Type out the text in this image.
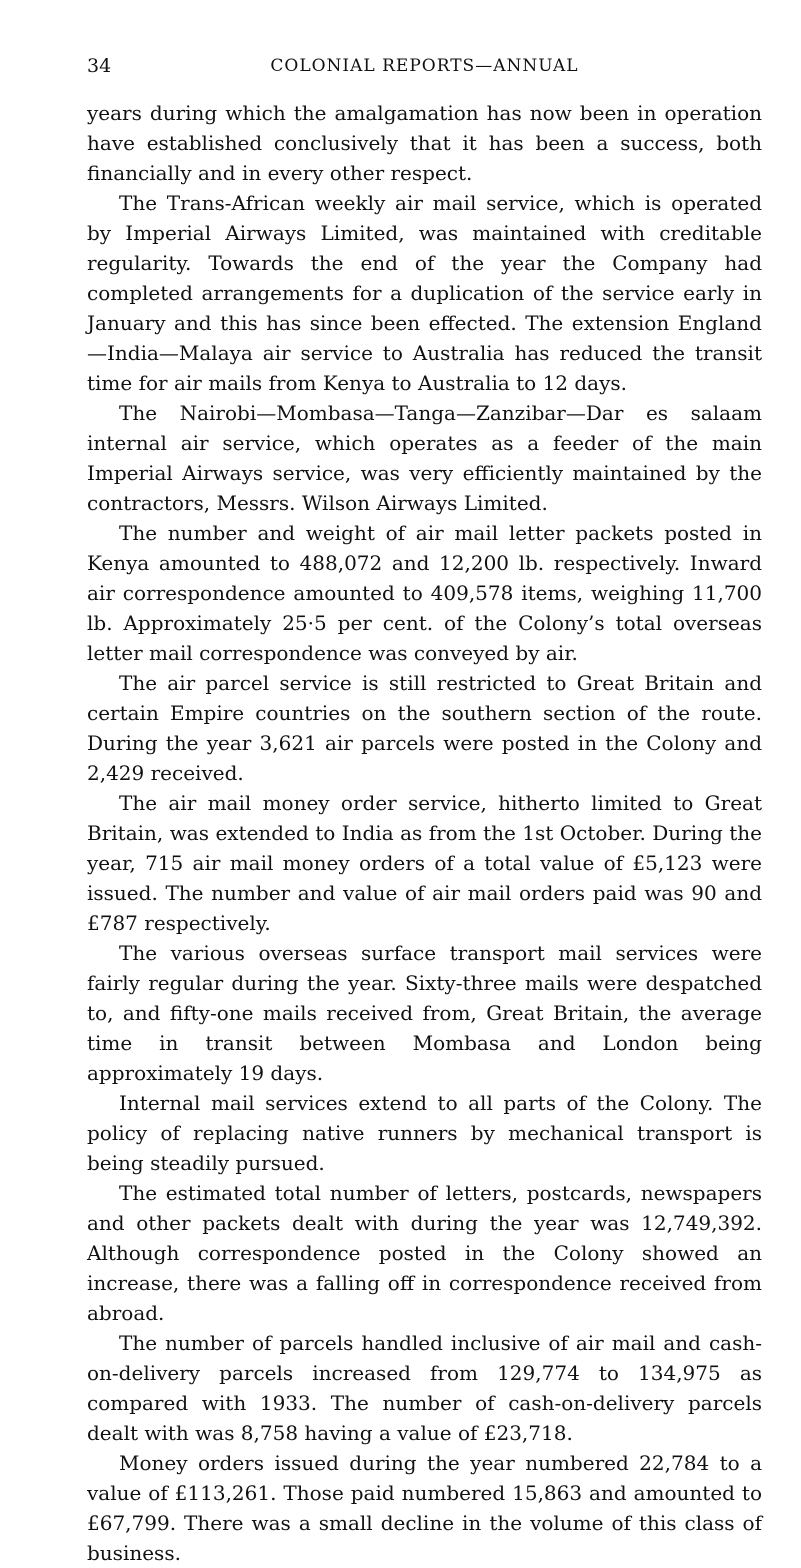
34	COLONIAL REPORTS—ANNUAL

years during which the amalgamation has now been in operation have established conclusively that it has been a success, both financially and in every other respect.

The Trans-African weekly air mail service, which is operated by Imperial Airways Limited, was maintained with creditable regularity. Towards the end of the year the Company had completed arrangements for a duplication of the service early in January and this has since been effected. The extension England—India—Malaya air service to Australia has reduced the transit time for air mails from Kenya to Australia to 12 days.

The Nairobi—Mombasa—Tanga—Zanzibar—Dar es salaam internal air service, which operates as a feeder of the main Imperial Airways service, was very efficiently maintained by the contractors, Messrs. Wilson Airways Limited.

The number and weight of air mail letter packets posted in Kenya amounted to 488,072 and 12,200 lb. respectively. Inward air correspondence amounted to 409,578 items, weighing 11,700 lb. Approximately 25·5 per cent. of the Colony’s total overseas letter mail correspondence was conveyed by air.

The air parcel service is still restricted to Great Britain and certain Empire countries on the southern section of the route. During the year 3,621 air parcels were posted in the Colony and 2,429 received.

The air mail money order service, hitherto limited to Great Britain, was extended to India as from the 1st October. During the year, 715 air mail money orders of a total value of £5,123 were issued. The number and value of air mail orders paid was 90 and £787 respectively.

The various overseas surface transport mail services were fairly regular during the year. Sixty-three mails were despatched to, and fifty-one mails received from, Great Britain, the average time in transit between Mombasa and London being approximately 19 days.

Internal mail services extend to all parts of the Colony. The policy of replacing native runners by mechanical transport is being steadily pursued.

The estimated total number of letters, postcards, newspapers and other packets dealt with during the year was 12,749,392. Although correspondence posted in the Colony showed an increase, there was a falling off in correspondence received from abroad.

The number of parcels handled inclusive of air mail and cash-on-delivery parcels increased from 129,774 to 134,975 as compared with 1933. The number of cash-on-delivery parcels dealt with was 8,758 having a value of £23,718.

Money orders issued during the year numbered 22,784 to a value of £113,261. Those paid numbered 15,863 and amounted to £67,799. There was a small decline in the volume of this class of business.
